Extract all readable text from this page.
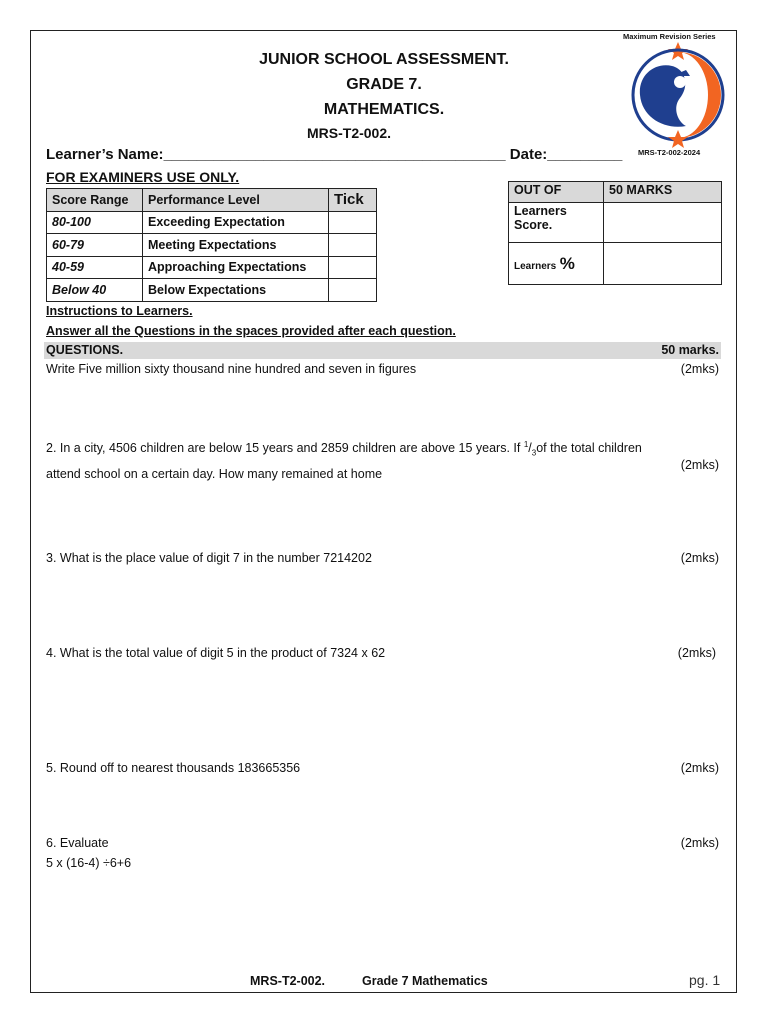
JUNIOR SCHOOL ASSESSMENT.
GRADE 7.
MATHEMATICS.
MRS-T2-002.
Maximum Revision Series
MRS-T2-002-2024
Learner’s Name:_________________________________________ Date:_________
FOR EXAMINERS USE ONLY.
Score Range	Performance Level	Tick
80-100	Exceeding Expectation	
60-79	Meeting Expectations	
40-59	Approaching Expectations	
Below 40	Below Expectations	
OUT OF	50 MARKS
Learners Score.	
Learners %	
Instructions to Learners.
Answer all the Questions in the spaces provided after each question.
QUESTIONS.	50 marks.
Write Five million sixty thousand nine hundred and seven in figures	(2mks)
2. In a city, 4506 children are below 15 years and 2859 children are above 15 years. If $^1/_3of$ the total children
attend school on a certain day. How many remained at home
(2mks)
3. What is the place value of digit 7 in the number 7214202	(2mks)
4. What is the total value of digit 5 in the product of 7324 x 62	(2mks)
5. Round off to nearest thousands 183665356	(2mks)
6. Evaluate
5 x (16-4) ÷6+6
(2mks)
MRS-T2-002.	Grade 7 Mathematics	pg. 1
